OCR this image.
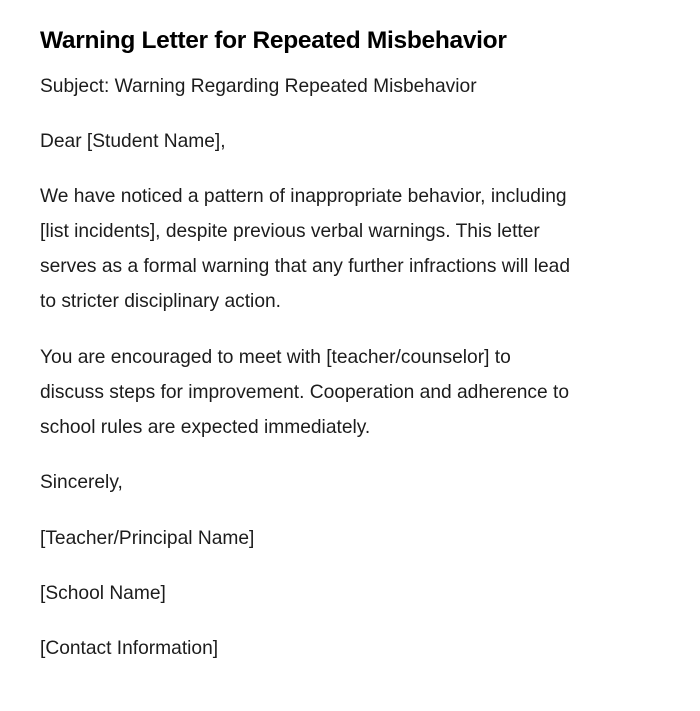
Warning Letter for Repeated Misbehavior

Subject: Warning Regarding Repeated Misbehavior

Dear [Student Name],

We have noticed a pattern of inappropriate behavior, including
[list incidents], despite previous verbal warnings. This letter
serves as a formal warning that any further infractions will lead
to stricter disciplinary action.

You are encouraged to meet with [teacher/counselor] to
discuss steps for improvement. Cooperation and adherence to
school rules are expected immediately.

Sincerely,

[Teacher/Principal Name]

[School Name]

[Contact Information]
